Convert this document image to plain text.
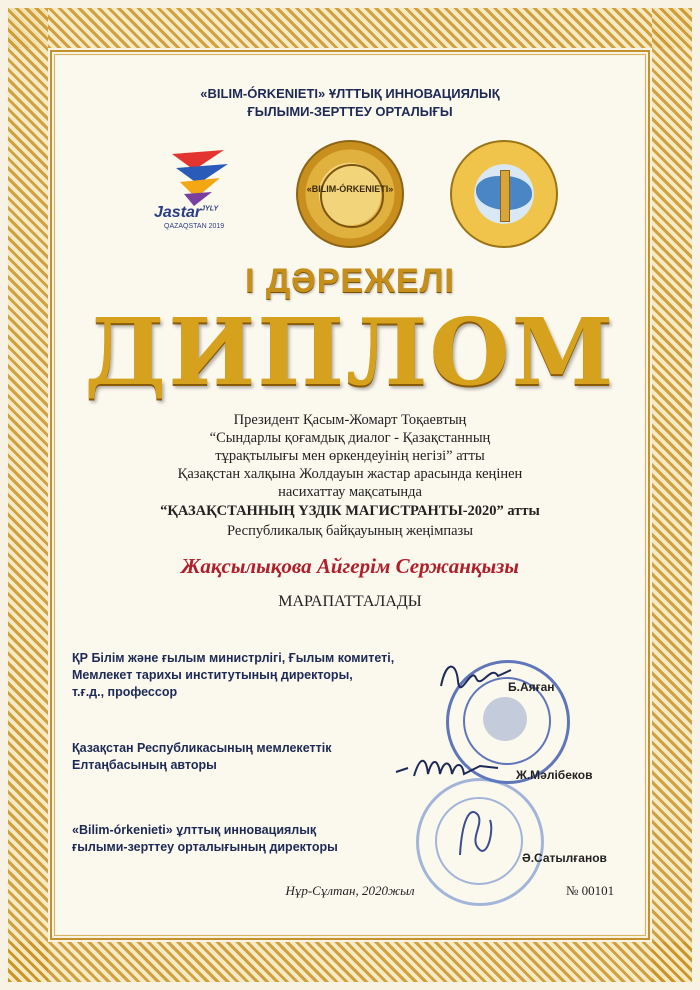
«BILIM-ÓRKENIETI» ҰЛТТЫҚ ИННОВАЦИЯЛЫҚ
ҒЫЛЫМИ-ЗЕРТТЕУ ОРТАЛЫҒЫ
Jastar$^{JYLY}$
QAZAQSTAN 2019
«BILIM-ÓRKENIETI»
І ДƏРЕЖЕЛІ
ДИПЛОМ
Президент Қасым-Жомарт Тоқаевтың
“Сындарлы қоғамдық диалог - Қазақстанның
тұрақтылығы мен өркендеуінің негізі” атты
Қазақстан халқына Жолдауын жастар арасында кеңінен
насихаттау мақсатында
“ҚАЗАҚСТАННЫҢ ҮЗДІК МАГИСТРАНТЫ-2020” атты
Республикалық байқауының жеңімпазы
Жақсылықова Айгерім Сержанқызы
МАРАПАТТАЛАДЫ
ҚР Білім және ғылым министрлігі, Ғылым комитеті,
Мемлекет тарихы институтының директоры,
т.ғ.д., профессор
Қазақстан Республикасының мемлекеттік
Елтаңбасының авторы
«Bilim-órkenіetі» ұлттық инновациялық
ғылыми-зерттеу орталығының директоры
Б.Аяған
Ж.Мәлібеков
Ә.Сатылғанов
Нұр-Сұлтан, 2020жыл	№ 00101
